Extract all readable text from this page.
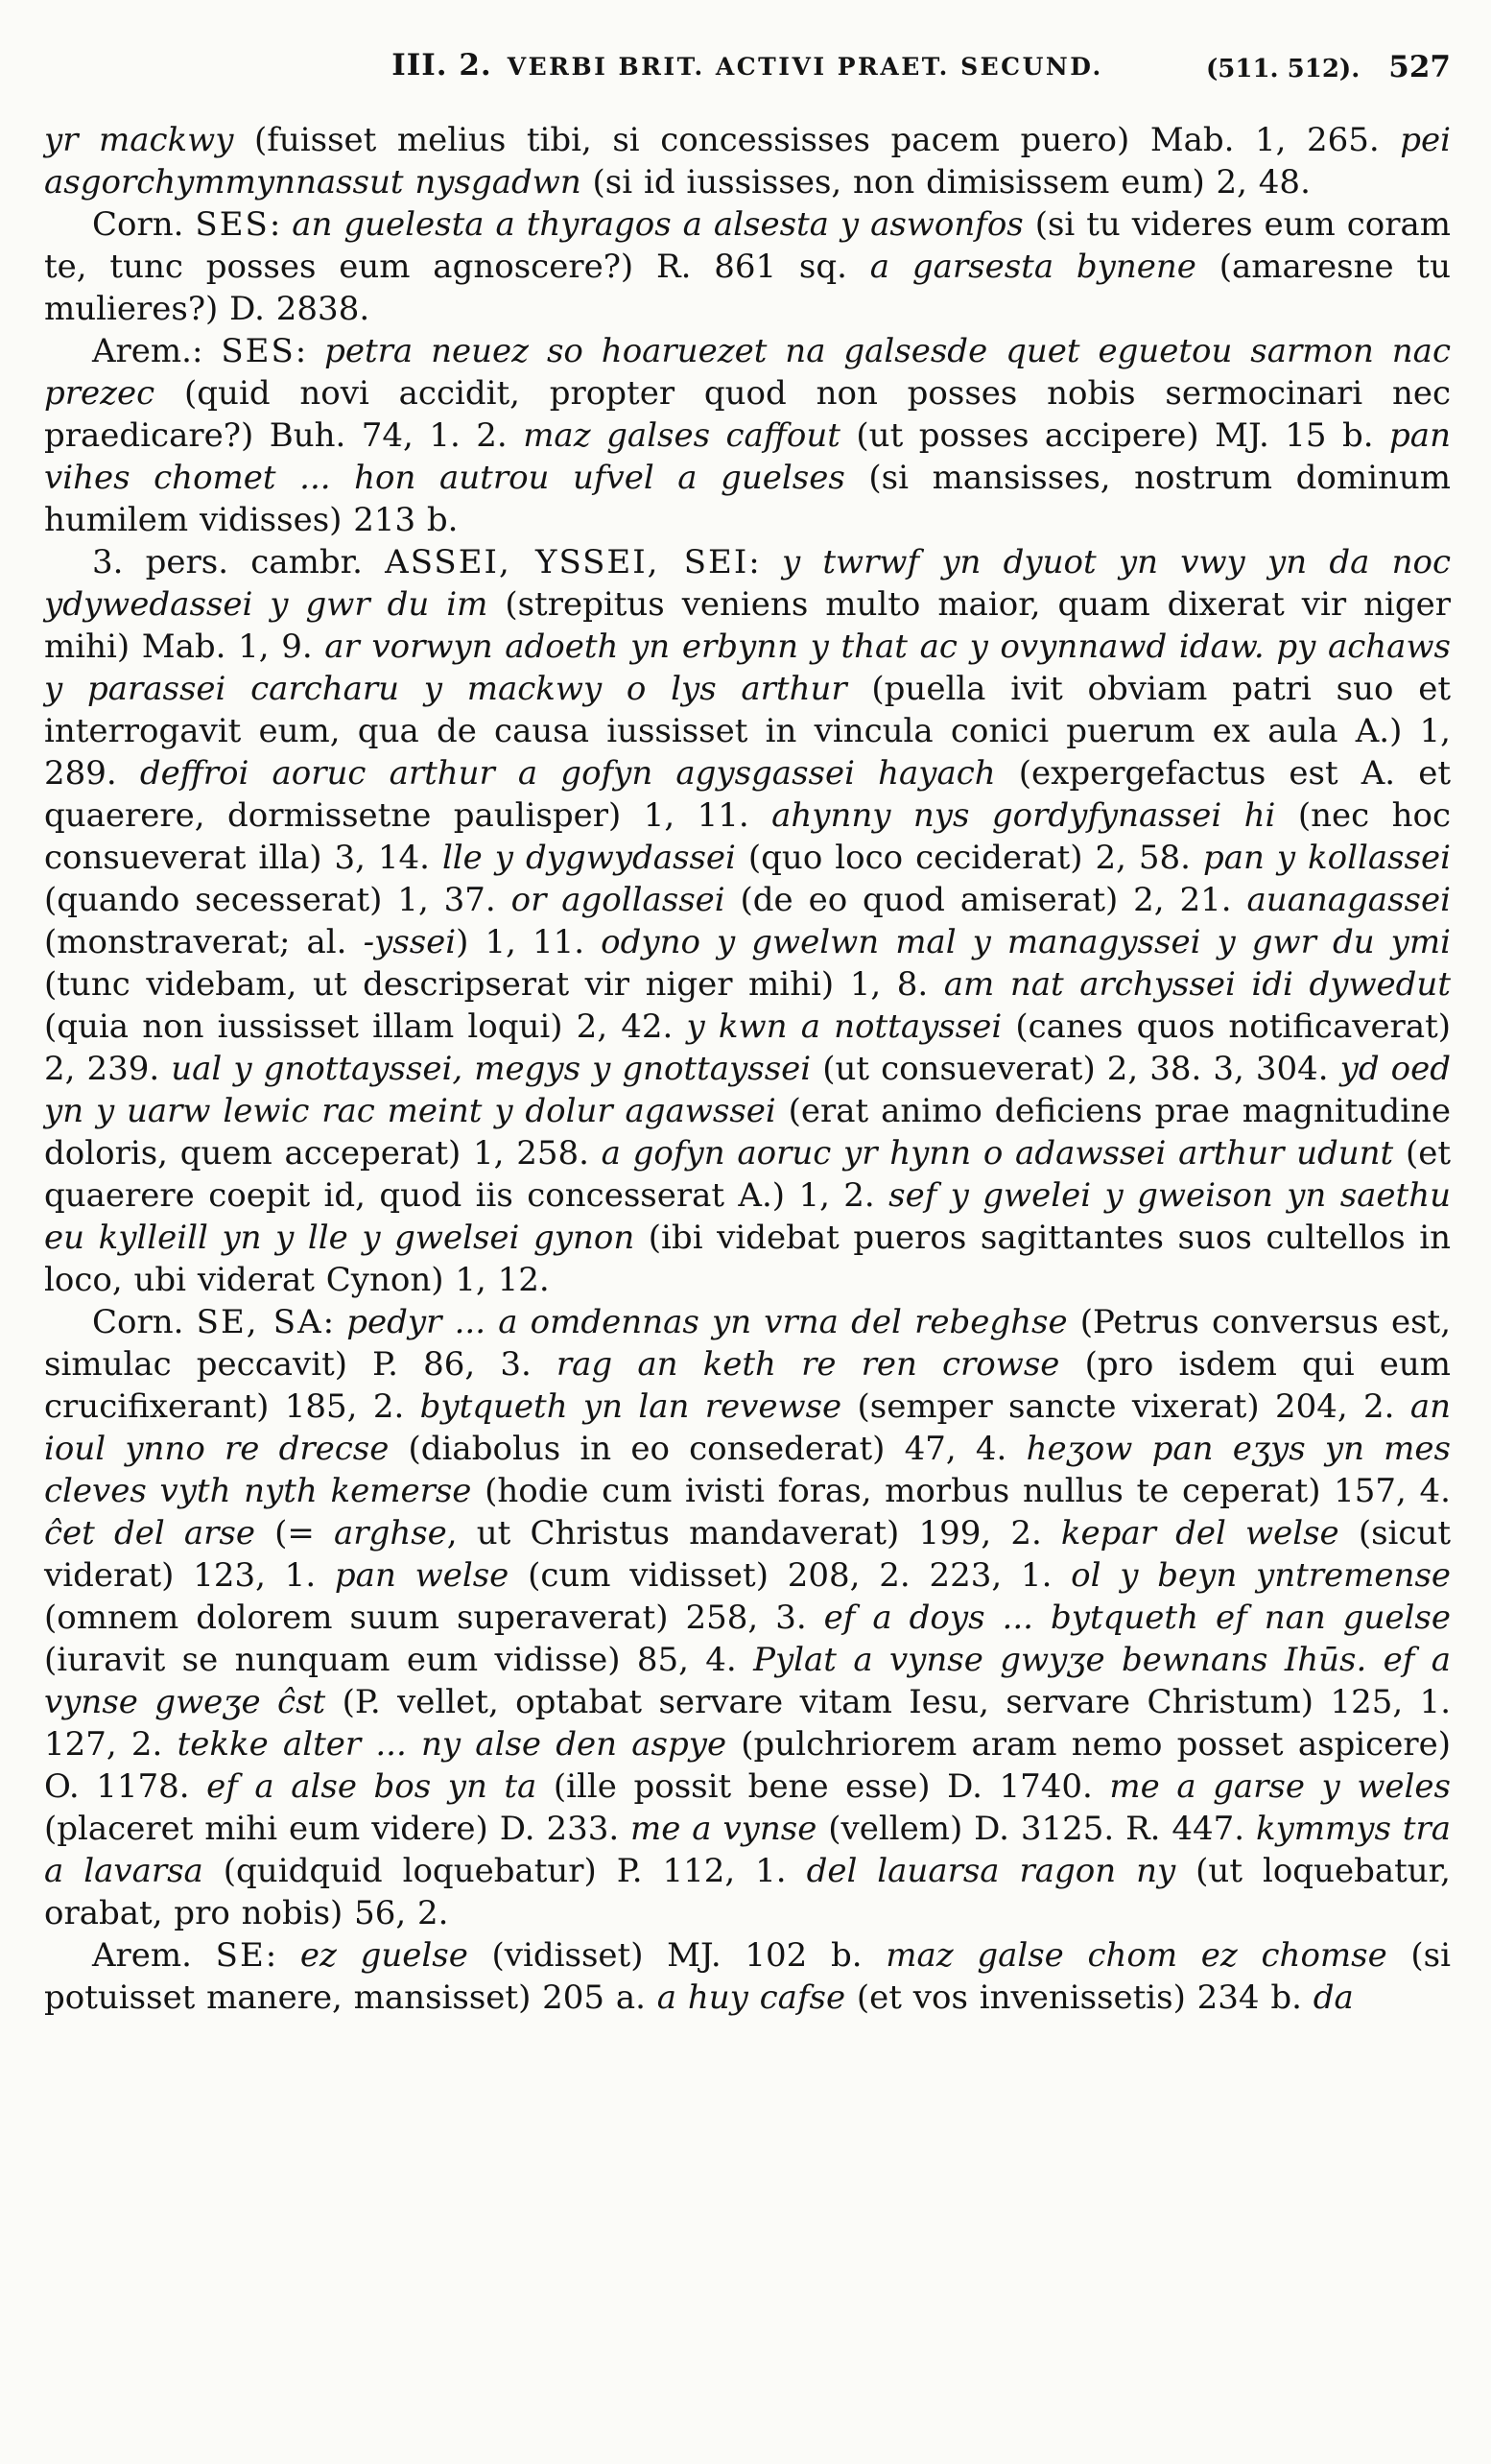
III. 2. VERBI BRIT. ACTIVI PRAET. SECUND.	(511. 512). 527

yr mackwy (fuisset melius tibi, si concessisses pacem puero) Mab. 1, 265. pei asgorchymmynnassut nysgadwn (si id iussisses, non dimisissem eum) 2, 48.

Corn. SES: an guelesta a thyragos a alsesta y aswonfos (si tu videres eum coram te, tunc posses eum agnoscere?) R. 861 sq. a garsesta bynene (amaresne tu mulieres?) D. 2838.

Arem.: SES: petra neuez so hoaruezet na galsesde quet eguetou sarmon nac prezec (quid novi accidit, propter quod non posses nobis sermocinari nec praedicare?) Buh. 74, 1. 2. maz galses caffout (ut posses accipere) MJ. 15 b. pan vihes chomet ... hon autrou ufvel a guelses (si mansisses, nostrum dominum humilem vidisses) 213 b.

3. pers. cambr. ASSEI, YSSEI, SEI: y twrwf yn dyuot yn vwy yn da noc ydywedassei y gwr du im (strepitus veniens multo maior, quam dixerat vir niger mihi) Mab. 1, 9. ar vorwyn adoeth yn erbynn y that ac y ovynnawd idaw. py achaws y parassei carcharu y mackwy o lys arthur (puella ivit obviam patri suo et interrogavit eum, qua de causa iussisset in vincula conici puerum ex aula A.) 1, 289. deffroi aoruc arthur a gofyn agysgassei hayach (expergefactus est A. et quaerere, dormissetne paulisper) 1, 11. ahynny nys gordyfynassei hi (nec hoc consueverat illa) 3, 14. lle y dygwydassei (quo loco ceciderat) 2, 58. pan y kollassei (quando secesserat) 1, 37. or agollassei (de eo quod amiserat) 2, 21. auanagassei (monstraverat; al. -yssei) 1, 11. odyno y gwelwn mal y managyssei y gwr du ymi (tunc videbam, ut descripserat vir niger mihi) 1, 8. am nat archyssei idi dywedut (quia non iussisset illam loqui) 2, 42. y kwn a nottayssei (canes quos notificaverat) 2, 239. ual y gnottayssei, megys y gnottayssei (ut consueverat) 2, 38. 3, 304. yd oed yn y uarw lewic rac meint y dolur agawssei (erat animo deficiens prae magnitudine doloris, quem acceperat) 1, 258. a gofyn aoruc yr hynn o adawssei arthur udunt (et quaerere coepit id, quod iis concesserat A.) 1, 2. sef y gwelei y gweison yn saethu eu kylleill yn y lle y gwelsei gynon (ibi videbat pueros sagittantes suos cultellos in loco, ubi viderat Cynon) 1, 12.

Corn. SE, SA: pedyr ... a omdennas yn vrna del rebeghse (Petrus conversus est, simulac peccavit) P. 86, 3. rag an keth re ren crowse (pro isdem qui eum crucifixerant) 185, 2. bytqueth yn lan revewse (semper sancte vixerat) 204, 2. an ioul ynno re drecse (diabolus in eo consederat) 47, 4. heʒow pan eʒys yn mes cleves vyth nyth kemerse (hodie cum ivisti foras, morbus nullus te ceperat) 157, 4. ĉet del arse (= arghse, ut Christus mandaverat) 199, 2. kepar del welse (sicut viderat) 123, 1. pan welse (cum vidisset) 208, 2. 223, 1. ol y beyn yntremense (omnem dolorem suum superaverat) 258, 3. ef a doys ... bytqueth ef nan guelse (iuravit se nunquam eum vidisse) 85, 4. Pylat a vynse gwyʒe bewnans Ihūs. ef a vynse gweʒe ĉst (P. vellet, optabat servare vitam Iesu, servare Christum) 125, 1. 127, 2. tekke alter ... ny alse den aspye (pulchriorem aram nemo posset aspicere) O. 1178. ef a alse bos yn ta (ille possit bene esse) D. 1740. me a garse y weles (placeret mihi eum videre) D. 233. me a vynse (vellem) D. 3125. R. 447. kymmys tra a lavarsa (quidquid loquebatur) P. 112, 1. del lauarsa ragon ny (ut loquebatur, orabat, pro nobis) 56, 2.

Arem. SE: ez guelse (vidisset) MJ. 102 b. maz galse chom ez chomse (si potuisset manere, mansisset) 205 a. a huy cafse (et vos invenissetis) 234 b. da
